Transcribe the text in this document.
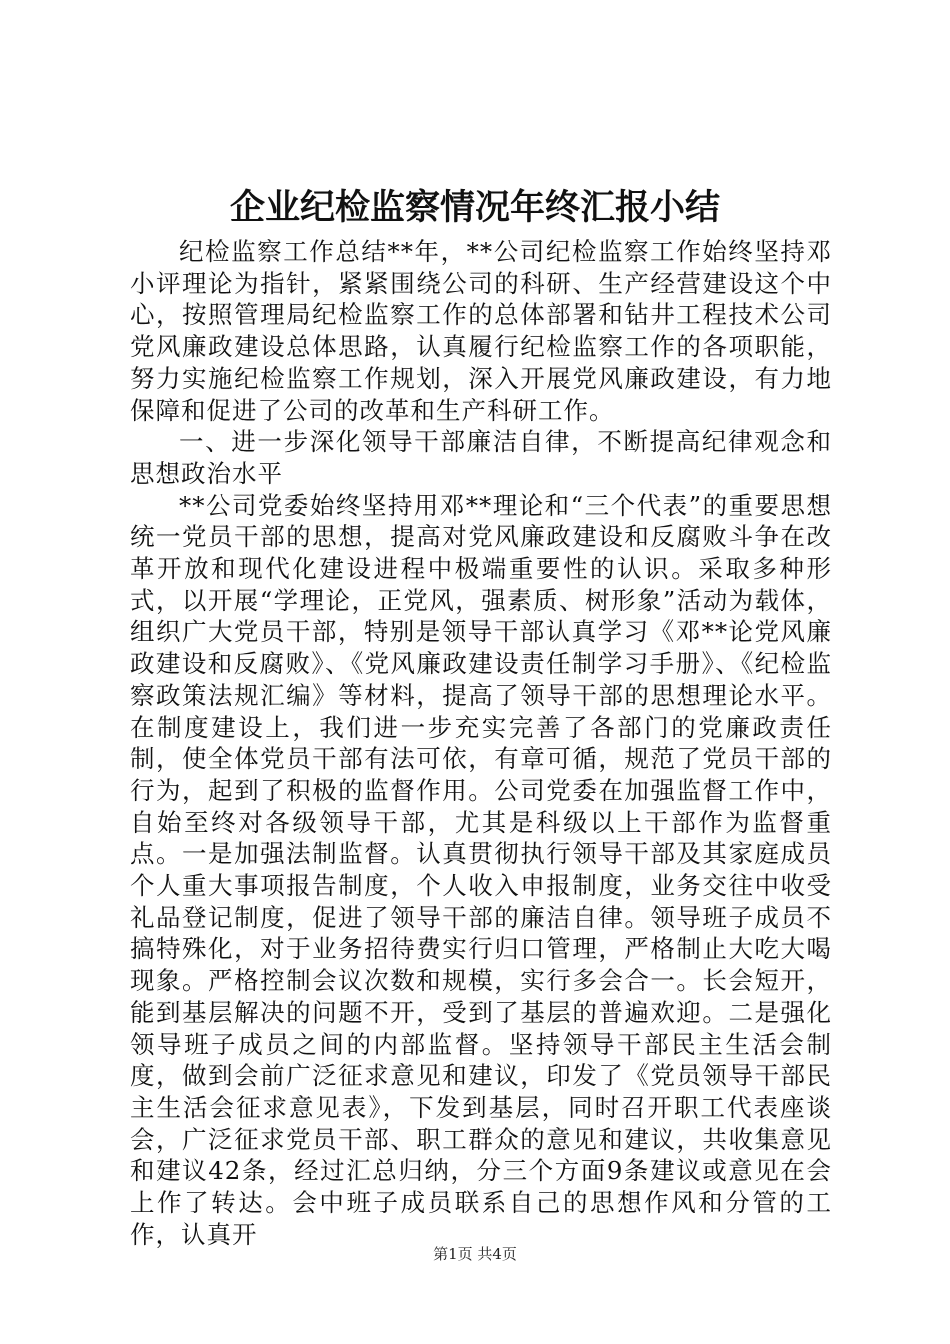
企业纪检监察情况年终汇报小结

纪检监察工作总结**年，**公司纪检监察工作始终坚持邓小评理论为指针，紧紧围绕公司的科研、生产经营建设这个中心，按照管理局纪检监察工作的总体部署和钻井工程技术公司党风廉政建设总体思路，认真履行纪检监察工作的各项职能，努力实施纪检监察工作规划，深入开展党风廉政建设，有力地保障和促进了公司的改革和生产科研工作。

一、进一步深化领导干部廉洁自律，不断提高纪律观念和思想政治水平

**公司党委始终坚持用邓**理论和“三个代表”的重要思想统一党员干部的思想，提高对党风廉政建设和反腐败斗争在改革开放和现代化建设进程中极端重要性的认识。采取多种形式，以开展“学理论，正党风，强素质、树形象”活动为载体，组织广大党员干部，特别是领导干部认真学习《邓**论党风廉政建设和反腐败》、《党风廉政建设责任制学习手册》、《纪检监察政策法规汇编》等材料，提高了领导干部的思想理论水平。在制度建设上，我们进一步充实完善了各部门的党廉政责任制，使全体党员干部有法可依，有章可循，规范了党员干部的行为，起到了积极的监督作用。公司党委在加强监督工作中，自始至终对各级领导干部，尤其是科级以上干部作为监督重点。一是加强法制监督。认真贯彻执行领导干部及其家庭成员个人重大事项报告制度，个人收入申报制度，业务交往中收受礼品登记制度，促进了领导干部的廉洁自律。领导班子成员不搞特殊化，对于业务招待费实行归口管理，严格制止大吃大喝现象。严格控制会议次数和规模，实行多会合一。长会短开，能到基层解决的问题不开，受到了基层的普遍欢迎。二是强化领导班子成员之间的内部监督。坚持领导干部民主生活会制度，做到会前广泛征求意见和建议，印发了《党员领导干部民主生活会征求意见表》，下发到基层，同时召开职工代表座谈会，广泛征求党员干部、职工群众的意见和建议，共收集意见和建议42条，经过汇总归纳，分三个方面9条建议或意见在会上作了转达。会中班子成员联系自己的思想作风和分管的工作，认真开

第1页 共4页
